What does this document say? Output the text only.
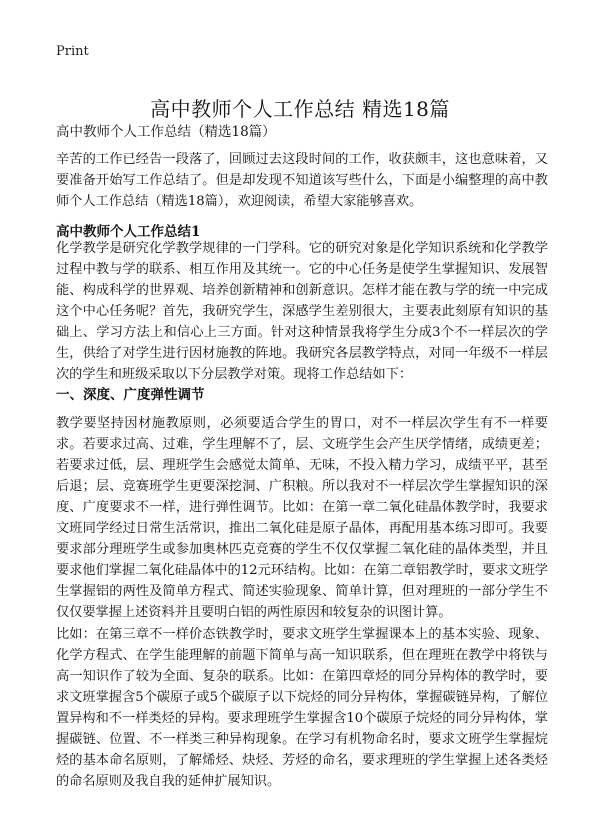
Print
高中教师个人工作总结 精选18篇
高中教师个人工作总结（精选18篇）

辛苦的工作已经告一段落了，回顾过去这段时间的工作，收获颇丰，这也意味着，又要准备开始写工作总结了。但是却发现不知道该写些什么，下面是小编整理的高中教师个人工作总结（精选18篇），欢迎阅读，希望大家能够喜欢。

高中教师个人工作总结1

化学教学是研究化学教学规律的一门学科。它的研究对象是化学知识系统和化学教学过程中教与学的联系、相互作用及其统一。它的中心任务是使学生掌握知识、发展智能、构成科学的世界观、培养创新精神和创新意识。怎样才能在教与学的统一中完成这个中心任务呢？首先，我研究学生，深感学生差别很大，主要表此刻原有知识的基础上、学习方法上和信心上三方面。针对这种情景我将学生分成3个不一样层次的学生，供给了对学生进行因材施教的阵地。我研究各层教学特点，对同一年级不一样层次的学生和班级采取以下分层教学对策。现将工作总结如下：

一、深度、广度弹性调节

教学要坚持因材施教原则，必须要适合学生的胃口，对不一样层次学生有不一样要求。若要求过高、过难，学生理解不了，层、文班学生会产生厌学情绪，成绩更差；若要求过低，层、理班学生会感觉太简单、无味，不投入精力学习，成绩平平，甚至后退；层、竞赛班学生更要深挖洞、广积粮。所以我对不一样层次学生掌握知识的深度、广度要求不一样，进行弹性调节。比如：在第一章二氧化硅晶体教学时，我要求文班同学经过日常生活常识，推出二氧化硅是原子晶体，再配用基本练习即可。我要要求部分理班学生或参加奥林匹克竞赛的学生不仅仅掌握二氧化硅的晶体类型，并且要求他们掌握二氧化硅晶体中的12元环结构。比如：在第二章铝教学时，要求文班学生掌握铝的两性及简单方程式、简述实验现象、简单计算，但对理班的一部分学生不仅仅要掌握上述资料并且要明白铝的两性原因和较复杂的识图计算。

比如：在第三章不一样价态铁教学时，要求文班学生掌握课本上的基本实验、现象、化学方程式、在学生能理解的前题下简单与高一知识联系，但在理班在教学中将铁与高一知识作了较为全面、复杂的联系。比如：在第四章烃的同分异构体的教学时，要求文班掌握含5个碳原子或5个碳原子以下烷烃的同分异构体，掌握碳链异构，了解位置异构和不一样类烃的异构。要求理班学生掌握含10个碳原子烷烃的同分异构体，掌握碳链、位置、不一样类三种异构现象。在学习有机物命名时，要求文班学生掌握烷烃的基本命名原则，了解烯烃、炔烃、芳烃的命名，要求理班的学生掌握上述各类烃的命名原则及我自我的延伸扩展知识。
